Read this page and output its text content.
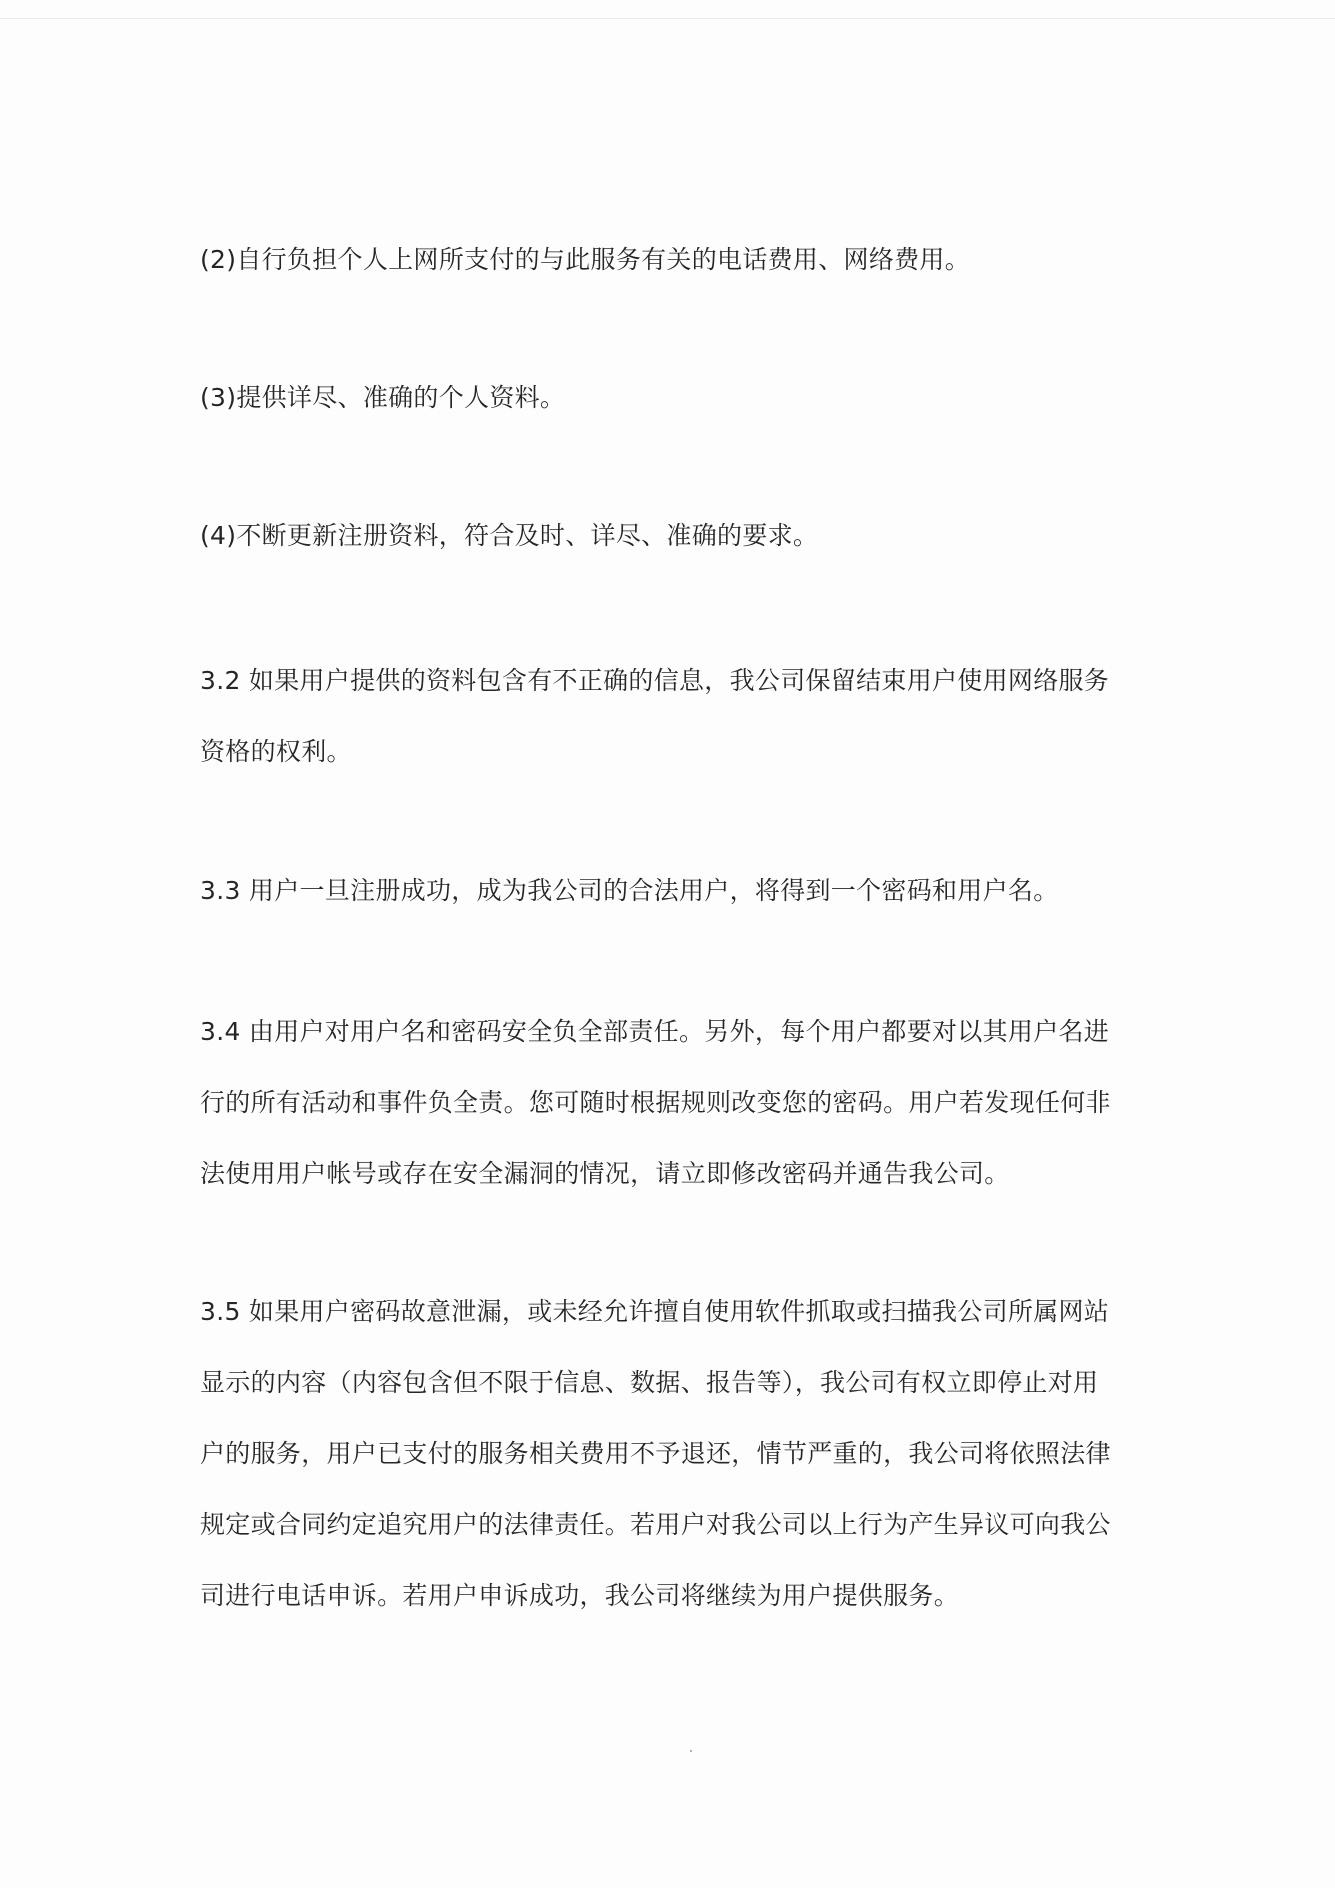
(2)自行负担个人上网所支付的与此服务有关的电话费用、网络费用。

(3)提供详尽、准确的个人资料。

(4)不断更新注册资料，符合及时、详尽、准确的要求。

3.2 如果用户提供的资料包含有不正确的信息，我公司保留结束用户使用网络服务
资格的权利。

3.3 用户一旦注册成功，成为我公司的合法用户，将得到一个密码和用户名。

3.4 由用户对用户名和密码安全负全部责任。另外，每个用户都要对以其用户名进
行的所有活动和事件负全责。您可随时根据规则改变您的密码。用户若发现任何非
法使用用户帐号或存在安全漏洞的情况，请立即修改密码并通告我公司。

3.5 如果用户密码故意泄漏，或未经允许擅自使用软件抓取或扫描我公司所属网站
显示的内容（内容包含但不限于信息、数据、报告等），我公司有权立即停止对用
户的服务，用户已支付的服务相关费用不予退还，情节严重的，我公司将依照法律
规定或合同约定追究用户的法律责任。若用户对我公司以上行为产生异议可向我公
司进行电话申诉。若用户申诉成功，我公司将继续为用户提供服务。
